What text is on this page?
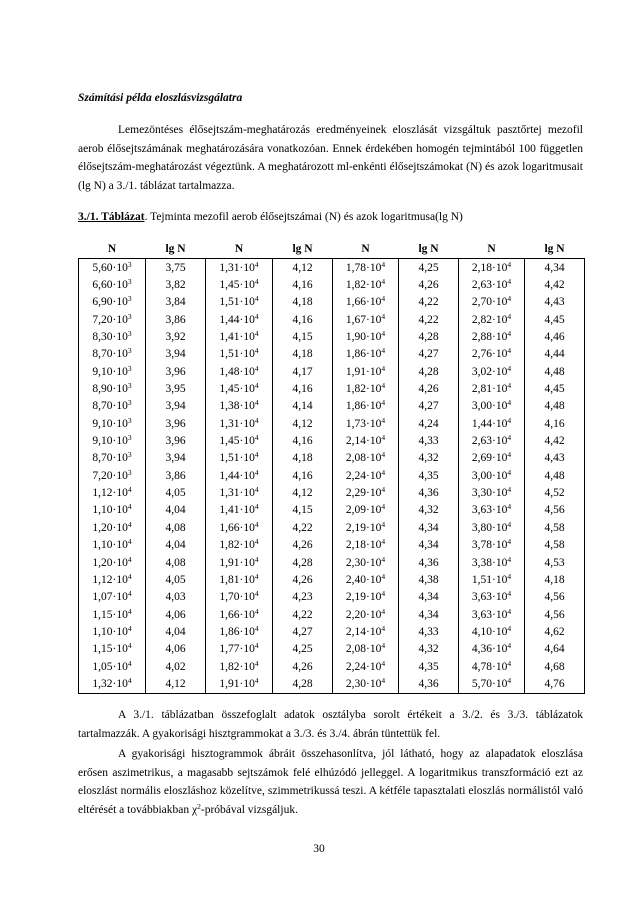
Számítási példa eloszlásvizsgálatra

Lemezöntéses élősejtszám-meghatározás eredményeinek eloszlását vizsgáltuk pasztőrtej mezofil aerob élősejtszámának meghatározására vonatkozóan. Ennek érdekében homogén tejmintából 100 független élősejtszám-meghatározást végeztünk. A meghatározott ml-enkénti élősejtszámokat (N) és azok logaritmusait (lg N) a 3./1. táblázat tartalmazza.

3./1. Táblázat. Tejminta mezofil aerob élősejtszámai (N) és azok logaritmusa(lg N)
N	lg N	N	lg N	N	lg N	N	lg N
$5,60\cdot 10^3$	3,75	$1,31\cdot 10^4$	4,12	$1,78\cdot 10^4$	4,25	$2,18\cdot 10^4$	4,34
$6,60\cdot 10^3$	3,82	$1,45\cdot 10^4$	4,16	$1,82\cdot 10^4$	4,26	$2,63\cdot 10^4$	4,42
$6,90\cdot 10^3$	3,84	$1,51\cdot 10^4$	4,18	$1,66\cdot 10^4$	4,22	$2,70\cdot 10^4$	4,43
$7,20\cdot 10^3$	3,86	$1,44\cdot 10^4$	4,16	$1,67\cdot 10^4$	4,22	$2,82\cdot 10^4$	4,45
$8,30\cdot 10^3$	3,92	$1,41\cdot 10^4$	4,15	$1,90\cdot 10^4$	4,28	$2,88\cdot 10^4$	4,46
$8,70\cdot 10^3$	3,94	$1,51\cdot 10^4$	4,18	$1,86\cdot 10^4$	4,27	$2,76\cdot 10^4$	4,44
$9,10\cdot 10^3$	3,96	$1,48\cdot 10^4$	4,17	$1,91\cdot 10^4$	4,28	$3,02\cdot 10^4$	4,48
$8,90\cdot 10^3$	3,95	$1,45\cdot 10^4$	4,16	$1,82\cdot 10^4$	4,26	$2,81\cdot 10^4$	4,45
$8,70\cdot 10^3$	3,94	$1,38\cdot 10^4$	4,14	$1,86\cdot 10^4$	4,27	$3,00\cdot 10^4$	4,48
$9,10\cdot 10^3$	3,96	$1,31\cdot 10^4$	4,12	$1,73\cdot 10^4$	4,24	$1,44\cdot 10^4$	4,16
$9,10\cdot 10^3$	3,96	$1,45\cdot 10^4$	4,16	$2,14\cdot 10^4$	4,33	$2,63\cdot 10^4$	4,42
$8,70\cdot 10^3$	3,94	$1,51\cdot 10^4$	4,18	$2,08\cdot 10^4$	4,32	$2,69\cdot 10^4$	4,43
$7,20\cdot 10^3$	3,86	$1,44\cdot 10^4$	4,16	$2,24\cdot 10^4$	4,35	$3,00\cdot 10^4$	4,48
$1,12\cdot 10^4$	4,05	$1,31\cdot 10^4$	4,12	$2,29\cdot 10^4$	4,36	$3,30\cdot 10^4$	4,52
$1,10\cdot 10^4$	4,04	$1,41\cdot 10^4$	4,15	$2,09\cdot 10^4$	4,32	$3,63\cdot 10^4$	4,56
$1,20\cdot 10^4$	4,08	$1,66\cdot 10^4$	4,22	$2,19\cdot 10^4$	4,34	$3,80\cdot 10^4$	4,58
$1,10\cdot 10^4$	4,04	$1,82\cdot 10^4$	4,26	$2,18\cdot 10^4$	4,34	$3,78\cdot 10^4$	4,58
$1,20\cdot 10^4$	4,08	$1,91\cdot 10^4$	4,28	$2,30\cdot 10^4$	4,36	$3,38\cdot 10^4$	4,53
$1,12\cdot 10^4$	4,05	$1,81\cdot 10^4$	4,26	$2,40\cdot 10^4$	4,38	$1,51\cdot 10^4$	4,18
$1,07\cdot 10^4$	4,03	$1,70\cdot 10^4$	4,23	$2,19\cdot 10^4$	4,34	$3,63\cdot 10^4$	4,56
$1,15\cdot 10^4$	4,06	$1,66\cdot 10^4$	4,22	$2,20\cdot 10^4$	4,34	$3,63\cdot 10^4$	4,56
$1,10\cdot 10^4$	4,04	$1,86\cdot 10^4$	4,27	$2,14\cdot 10^4$	4,33	$4,10\cdot 10^4$	4,62
$1,15\cdot 10^4$	4,06	$1,77\cdot 10^4$	4,25	$2,08\cdot 10^4$	4,32	$4,36\cdot 10^4$	4,64
$1,05\cdot 10^4$	4,02	$1,82\cdot 10^4$	4,26	$2,24\cdot 10^4$	4,35	$4,78\cdot 10^4$	4,68
$1,32\cdot 10^4$	4,12	$1,91\cdot 10^4$	4,28	$2,30\cdot 10^4$	4,36	$5,70\cdot 10^4$	4,76

A 3./1. táblázatban összefoglalt adatok osztályba sorolt értékeit a 3./2. és 3./3. táblázatok tartalmazzák. A gyakorisági hisztgrammokat a 3./3. és 3./4. ábrán tüntettük fel.

A gyakorisági hisztogrammok ábráit összehasonlítva, jól látható, hogy az alapadatok eloszlása erősen aszimetrikus, a magasabb sejtszámok felé elhúzódó jelleggel. A logaritmikus transzformáció ezt az eloszlást normális eloszláshoz közelítve, szimmetrikussá teszi. A kétféle tapasztalati eloszlás normálistól való eltérését a továbbiakban $\chi^2$-próbával vizsgáljuk.

30
